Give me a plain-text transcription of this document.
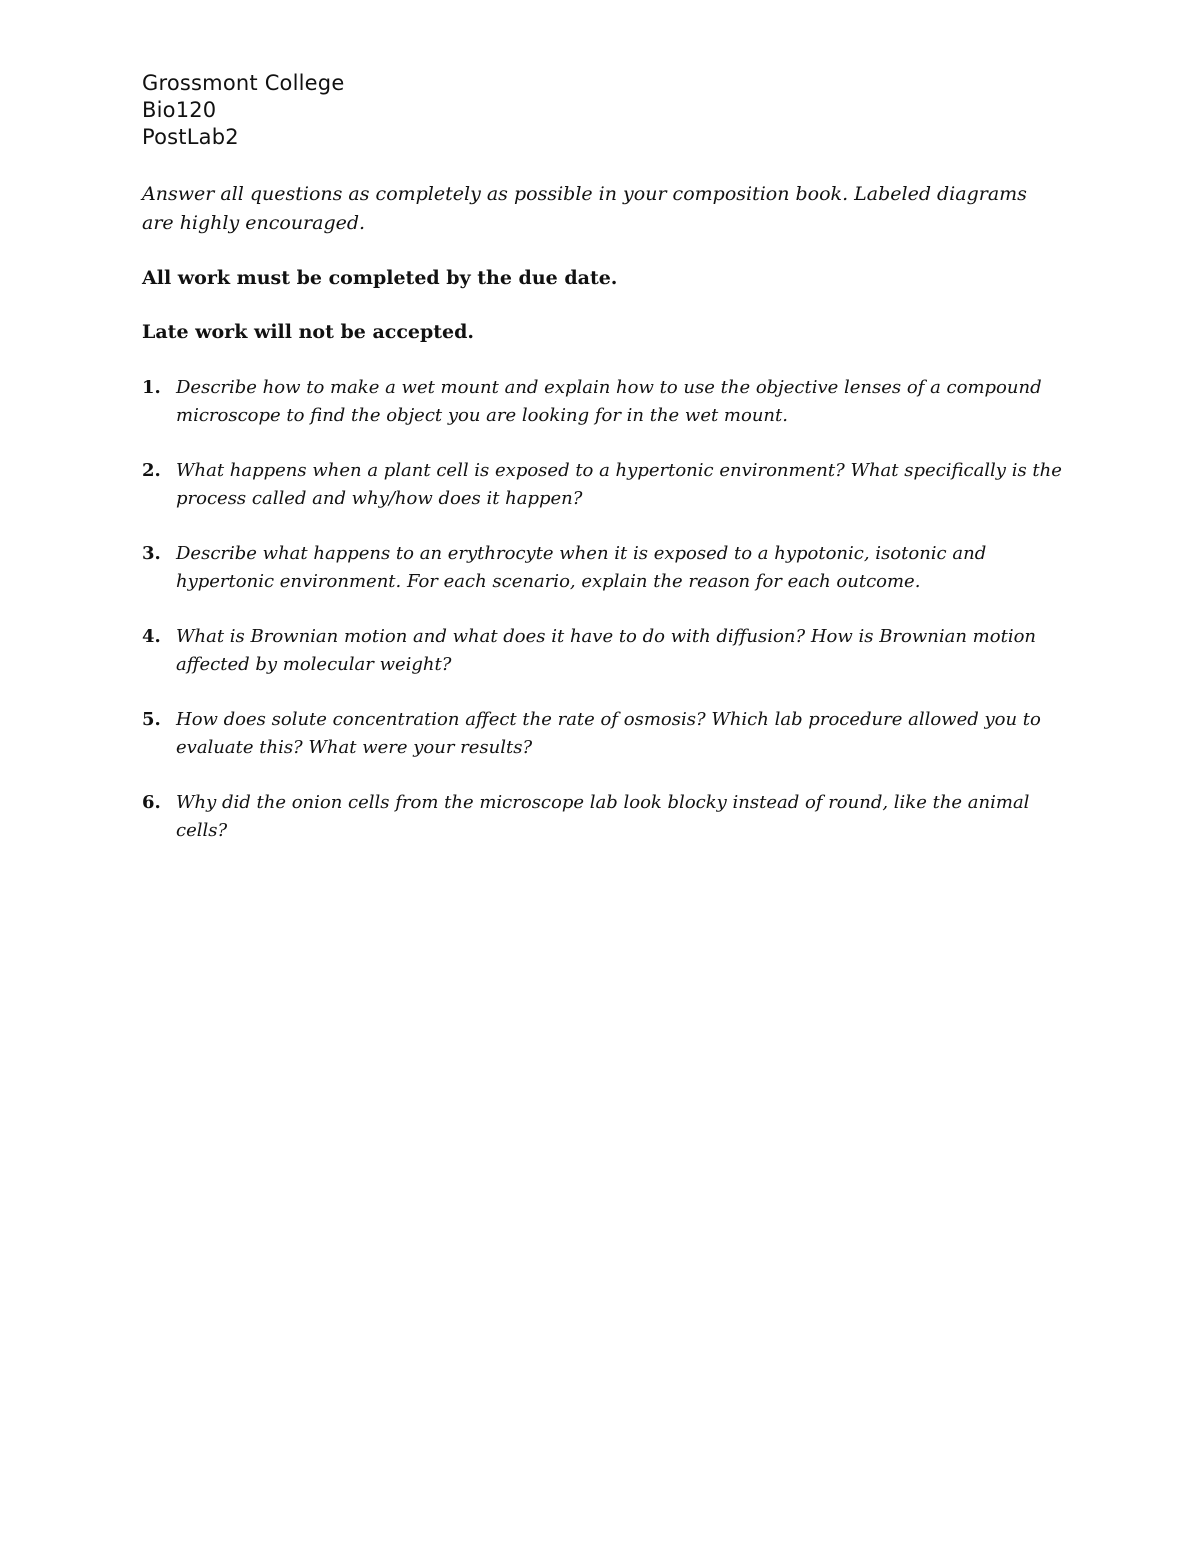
Grossmont College
Bio120
PostLab2
Answer all questions as completely as possible in your composition book. Labeled diagrams are highly encouraged.
All work must be completed by the due date.
Late work will not be accepted.
1. Describe how to make a wet mount and explain how to use the objective lenses of a compound microscope to find the object you are looking for in the wet mount.
2. What happens when a plant cell is exposed to a hypertonic environment? What specifically is the process called and why/how does it happen?
3. Describe what happens to an erythrocyte when it is exposed to a hypotonic, isotonic and hypertonic environment. For each scenario, explain the reason for each outcome.
4. What is Brownian motion and what does it have to do with diffusion? How is Brownian motion affected by molecular weight?
5. How does solute concentration affect the rate of osmosis? Which lab procedure allowed you to evaluate this? What were your results?
6. Why did the onion cells from the microscope lab look blocky instead of round, like the animal cells?
